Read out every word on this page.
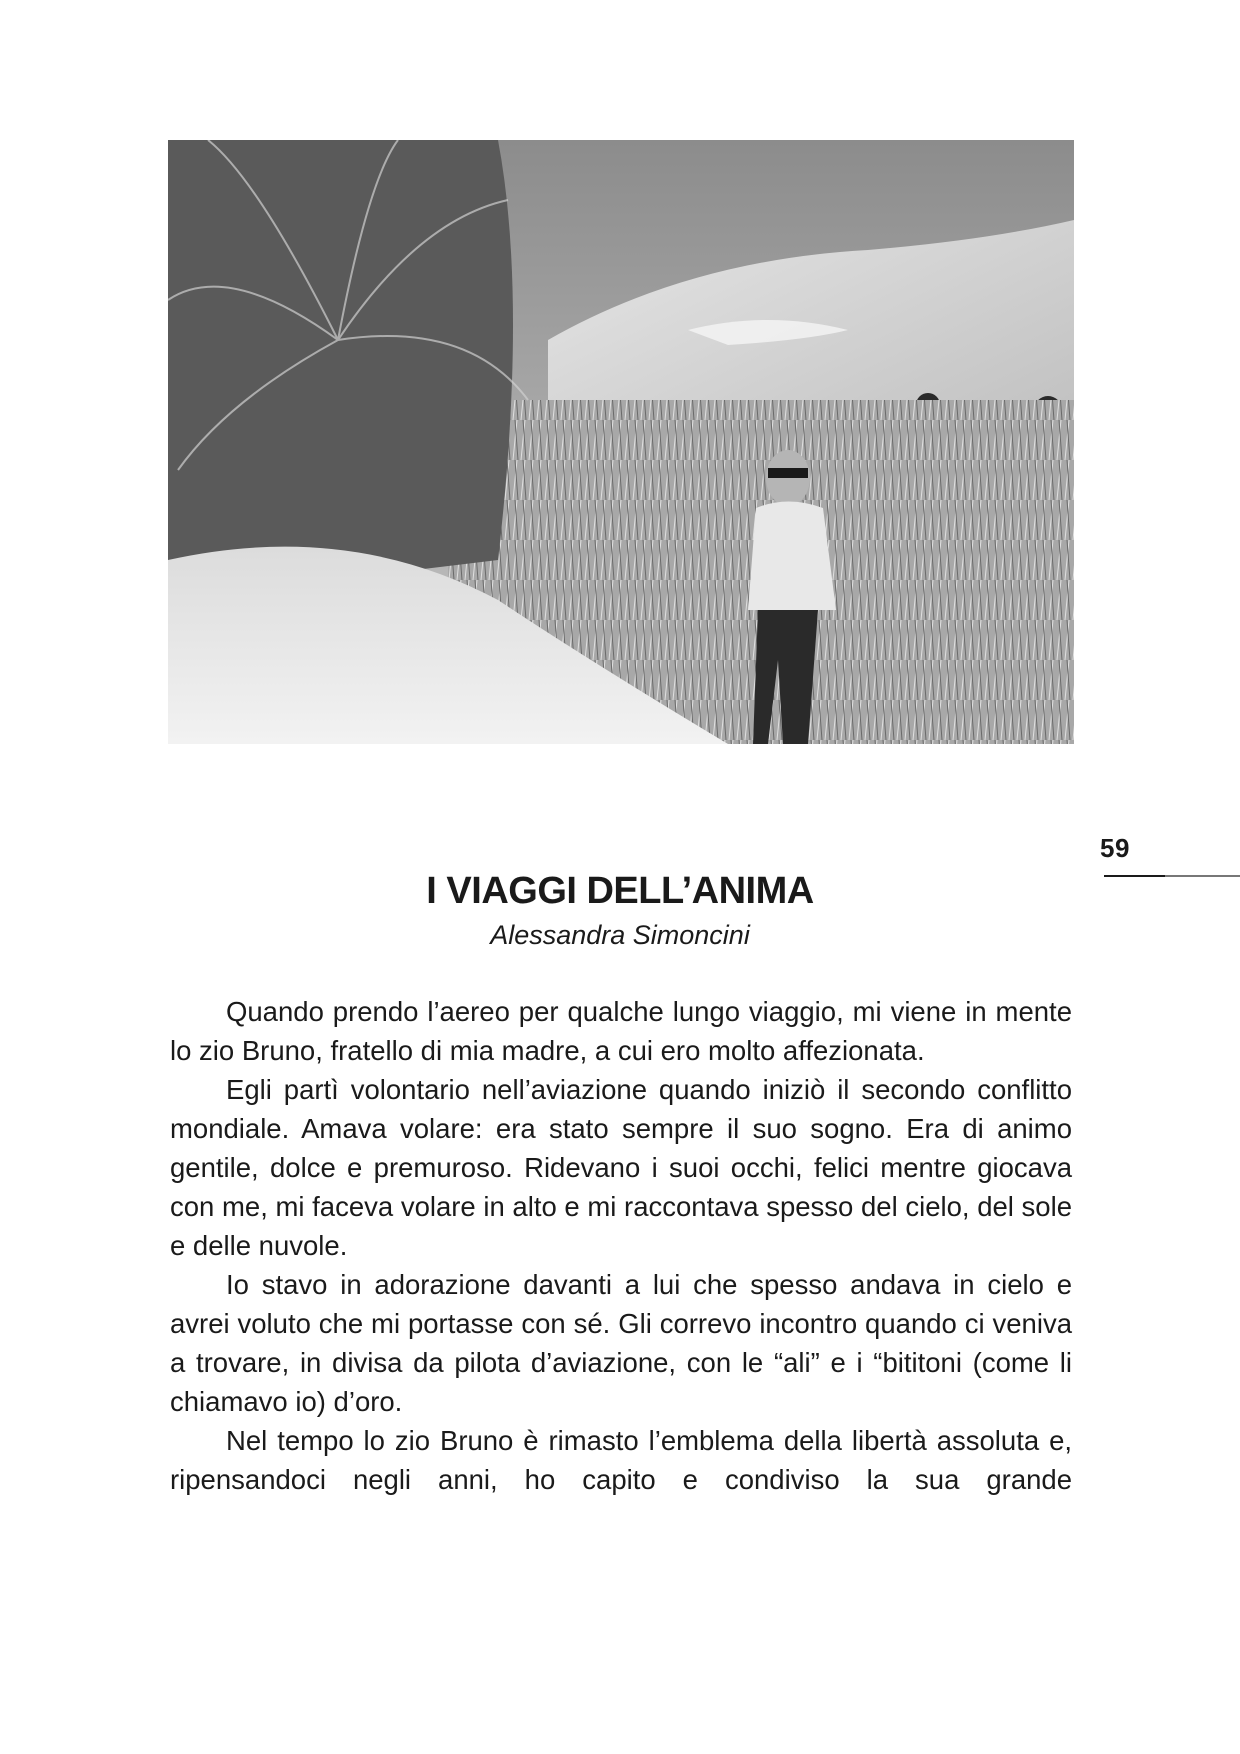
59
I VIAGGI DELL’ANIMA
Alessandra Simoncini

Quando prendo l’aereo per qualche lungo viaggio, mi viene in mente lo zio Bruno, fratello di mia madre, a cui ero molto affezionata.

Egli partì volontario nell’aviazione quando iniziò il secondo conflitto mondiale. Amava volare: era stato sempre il suo sogno. Era di animo gentile, dolce e premuroso. Ridevano i suoi occhi, felici mentre giocava con me, mi faceva volare in alto e mi raccontava spesso del cielo, del sole e delle nuvole.

Io stavo in adorazione davanti a lui che spesso andava in cielo e avrei voluto che mi portasse con sé. Gli correvo incontro quando ci veniva a trovare, in divisa da pilota d’aviazione, con le “ali” e i “bititoni (come li chiamavo io) d’oro.

Nel tempo lo zio Bruno è rimasto l’emblema della libertà assoluta e, ripensandoci negli anni, ho capito e condiviso la sua grande
